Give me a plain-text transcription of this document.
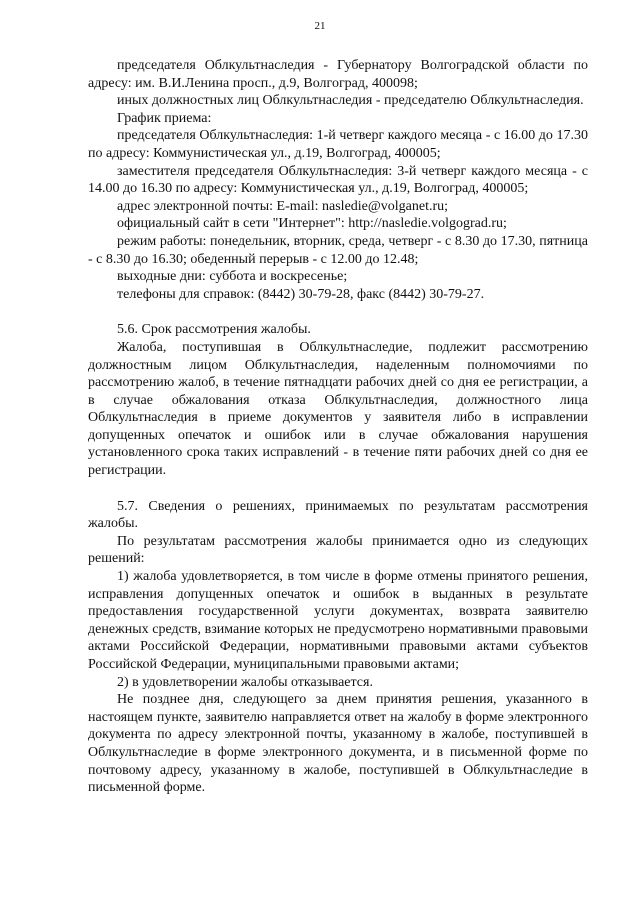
21

председателя Облкультнаследия - Губернатору Волгоградской области по адресу: им. В.И.Ленина просп., д.9, Волгоград, 400098;

иных должностных лиц Облкультнаследия - председателю Облкультнаследия.

График приема:

председателя Облкультнаследия: 1-й четверг каждого месяца - с 16.00 до 17.30 по адресу: Коммунистическая ул., д.19, Волгоград, 400005;

заместителя председателя Облкультнаследия: 3-й четверг каждого месяца - с 14.00 до 16.30 по адресу: Коммунистическая ул., д.19, Волгоград, 400005;

адрес электронной почты: E-mail: nasledie@volganet.ru;

официальный сайт в сети "Интернет": http://nasledie.volgograd.ru;

режим работы: понедельник, вторник, среда, четверг - с 8.30 до 17.30, пятница - с 8.30 до 16.30; обеденный перерыв - с 12.00 до 12.48;

выходные дни: суббота и воскресенье;

телефоны для справок: (8442) 30-79-28, факс (8442) 30-79-27.

5.6. Срок рассмотрения жалобы.

Жалоба, поступившая в Облкультнаследие, подлежит рассмотрению должностным лицом Облкультнаследия, наделенным полномочиями по рассмотрению жалоб, в течение пятнадцати рабочих дней со дня ее регистрации, а в случае обжалования отказа Облкультнаследия, должностного лица Облкультнаследия в приеме документов у заявителя либо в исправлении допущенных опечаток и ошибок или в случае обжалования нарушения установленного срока таких исправлений - в течение пяти рабочих дней со дня ее регистрации.

5.7. Сведения о решениях, принимаемых по результатам рассмотрения жалобы.

По результатам рассмотрения жалобы принимается одно из следующих решений:

1) жалоба удовлетворяется, в том числе в форме отмены принятого решения, исправления допущенных опечаток и ошибок в выданных в результате предоставления государственной услуги документах, возврата заявителю денежных средств, взимание которых не предусмотрено нормативными правовыми актами Российской Федерации, нормативными правовыми актами субъектов Российской Федерации, муниципальными правовыми актами;

2) в удовлетворении жалобы отказывается.

Не позднее дня, следующего за днем принятия решения, указанного в настоящем пункте, заявителю направляется ответ на жалобу в форме электронного документа по адресу электронной почты, указанному в жалобе, поступившей в Облкультнаследие в форме электронного документа, и в письменной форме по почтовому адресу, указанному в жалобе, поступившей в Облкультнаследие в письменной форме.
